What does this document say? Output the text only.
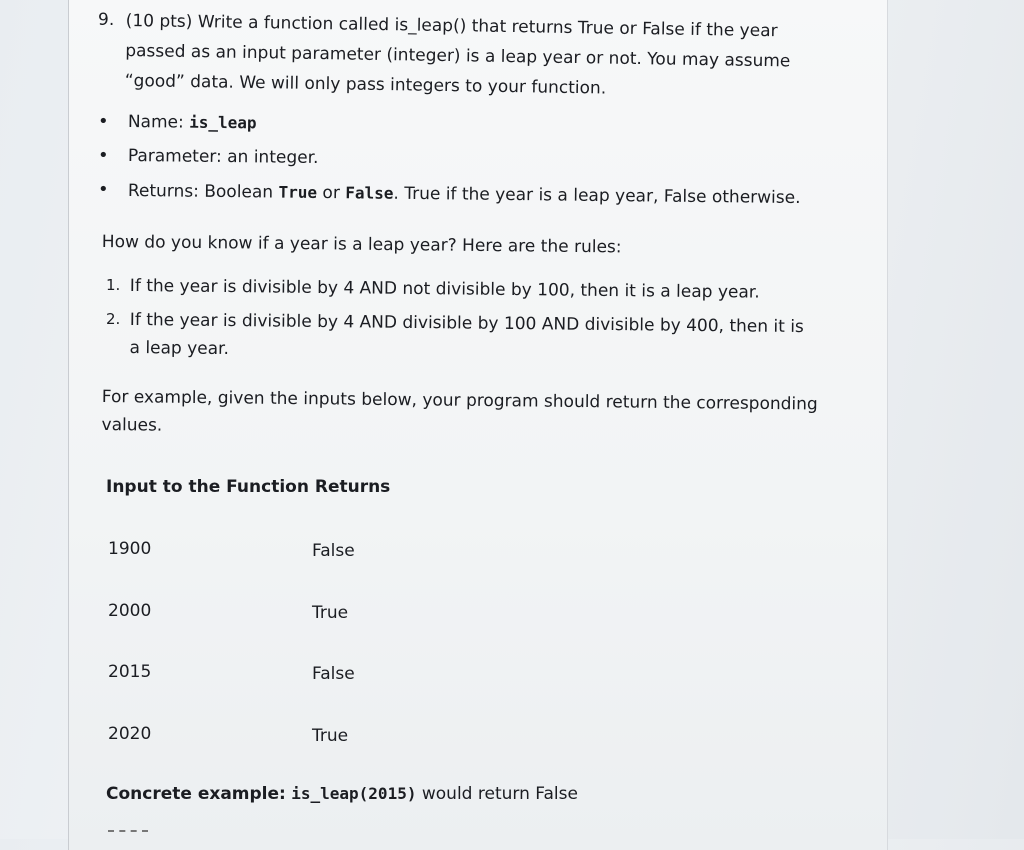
9. (10 pts) Write a function called is_leap() that returns True or False if the year
passed as an input parameter (integer) is a leap year or not. You may assume
“good” data. We will only pass integers to your function.
• Name: is_leap
• Parameter: an integer.
• Returns: Boolean True or False. True if the year is a leap year, False otherwise.
How do you know if a year is a leap year? Here are the rules:
1. If the year is divisible by 4 AND not divisible by 100, then it is a leap year.
2. If the year is divisible by 4 AND divisible by 100 AND divisible by 400, then it is
a leap year.
For example, given the inputs below, your program should return the corresponding
values.
Input to the Function Returns
1900	False
2000	True
2015	False
2020	True
Concrete example: is_leap(2015) would return False
